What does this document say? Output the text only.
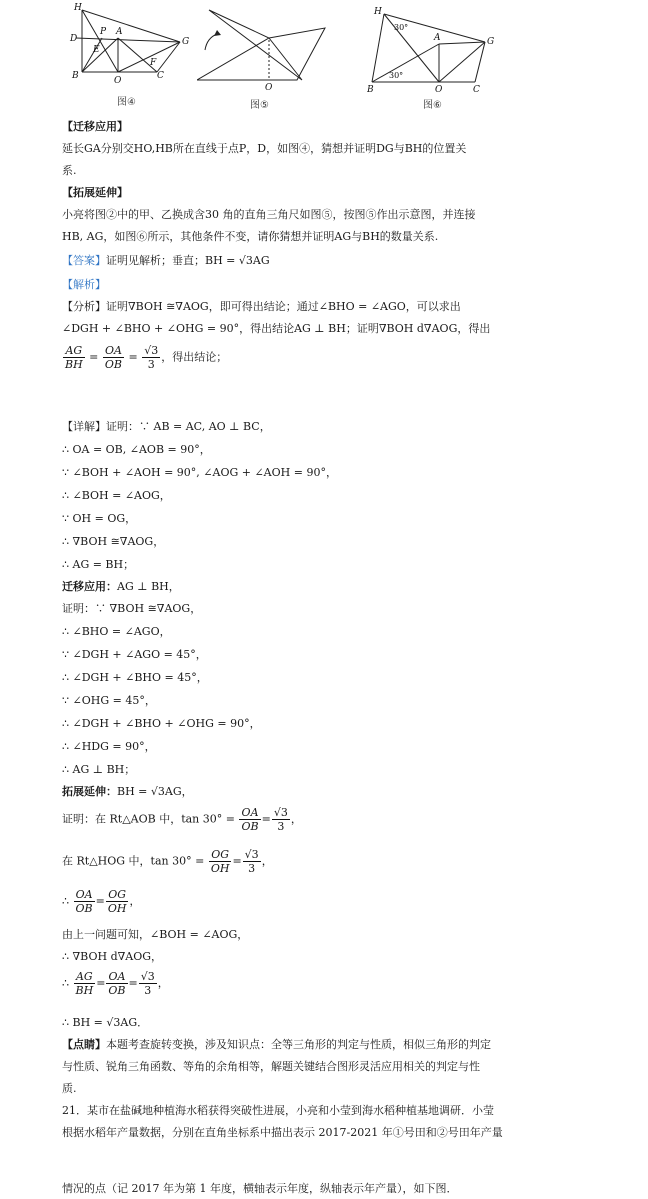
H
D
P A
E
G
F
B	O	C
图④
O
图⑤
H
30°
A	G
30°
B	O	C
图⑥
【迁移应用】
延长GA分别交HO,HB所在直线于点P，D，如图④，猜想并证明DG与BH的位置关
系.
【拓展延伸】
小亮将图②中的甲、乙换成含30 角的直角三角尺如图⑤，按图⑤作出示意图，并连接
HB, AG，如图⑥所示，其他条件不变，请你猜想并证明AG与BH的数量关系.
【答案】证明见解析；垂直；BH = √3AG
【解析】
【分析】证明∇BOH ≅∇AOG，即可得出结论；通过∠BHO = ∠AGO，可以求出
∠DGH + ∠BHO + ∠OHG = 90°，得出结论AG ⊥ BH；证明∇BOH d∇AOG，得出
$\frac{AG}{BH} = \frac{OA}{OB} = \frac{√3}{3}$ ，得出结论；
【详解】证明：∵ AB = AC, AO ⊥ BC，
∴ OA = OB, ∠AOB = 90°，
∵ ∠BOH + ∠AOH = 90°, ∠AOG + ∠AOH = 90°，
∴ ∠BOH = ∠AOG，
∵ OH = OG，
∴ ∇BOH ≅∇AOG，
∴ AG = BH；
迁移应用：AG ⊥ BH，
证明：∵ ∇BOH ≅∇AOG，
∴ ∠BHO = ∠AGO，
∵ ∠DGH + ∠AGO = 45°，
∴ ∠DGH + ∠BHO = 45°，
∵ ∠OHG = 45°，
∴ ∠DGH + ∠BHO + ∠OHG = 90°，
∴ ∠HDG = 90°，
∴ AG ⊥ BH；
拓展延伸：BH = √3AG，
证明：在 Rt△AOB 中，$\tan 30^\circ = \frac{OA}{OB} = \frac{√3}{3}$ ，
在 Rt△HOG 中，$\tan 30^\circ = \frac{OG}{OH} = \frac{√3}{3}$ ，
∴ $\frac{OA}{OB} = \frac{OG}{OH}$ ，
由上一问题可知，∠BOH = ∠AOG，
∴ ∇BOH d∇AOG，
∴ $\frac{AG}{BH} = \frac{OA}{OB} = \frac{√3}{3}$ ，
∴ BH = √3AG．
【点睛】本题考查旋转变换，涉及知识点：全等三角形的判定与性质，相似三角形的判定
与性质、锐角三角函数、等角的余角相等，解题关键结合图形灵活应用相关的判定与性
质.
21．某市在盐碱地种植海水稻获得突破性进展，小亮和小莹到海水稻种植基地调研．小莹
根据水稻年产量数据，分别在直角坐标系中描出表示 2017-2021 年①号田和②号田年产量
情况的点（记 2017 年为第 1 年度，横轴表示年度，纵轴表示年产量），如下图．
